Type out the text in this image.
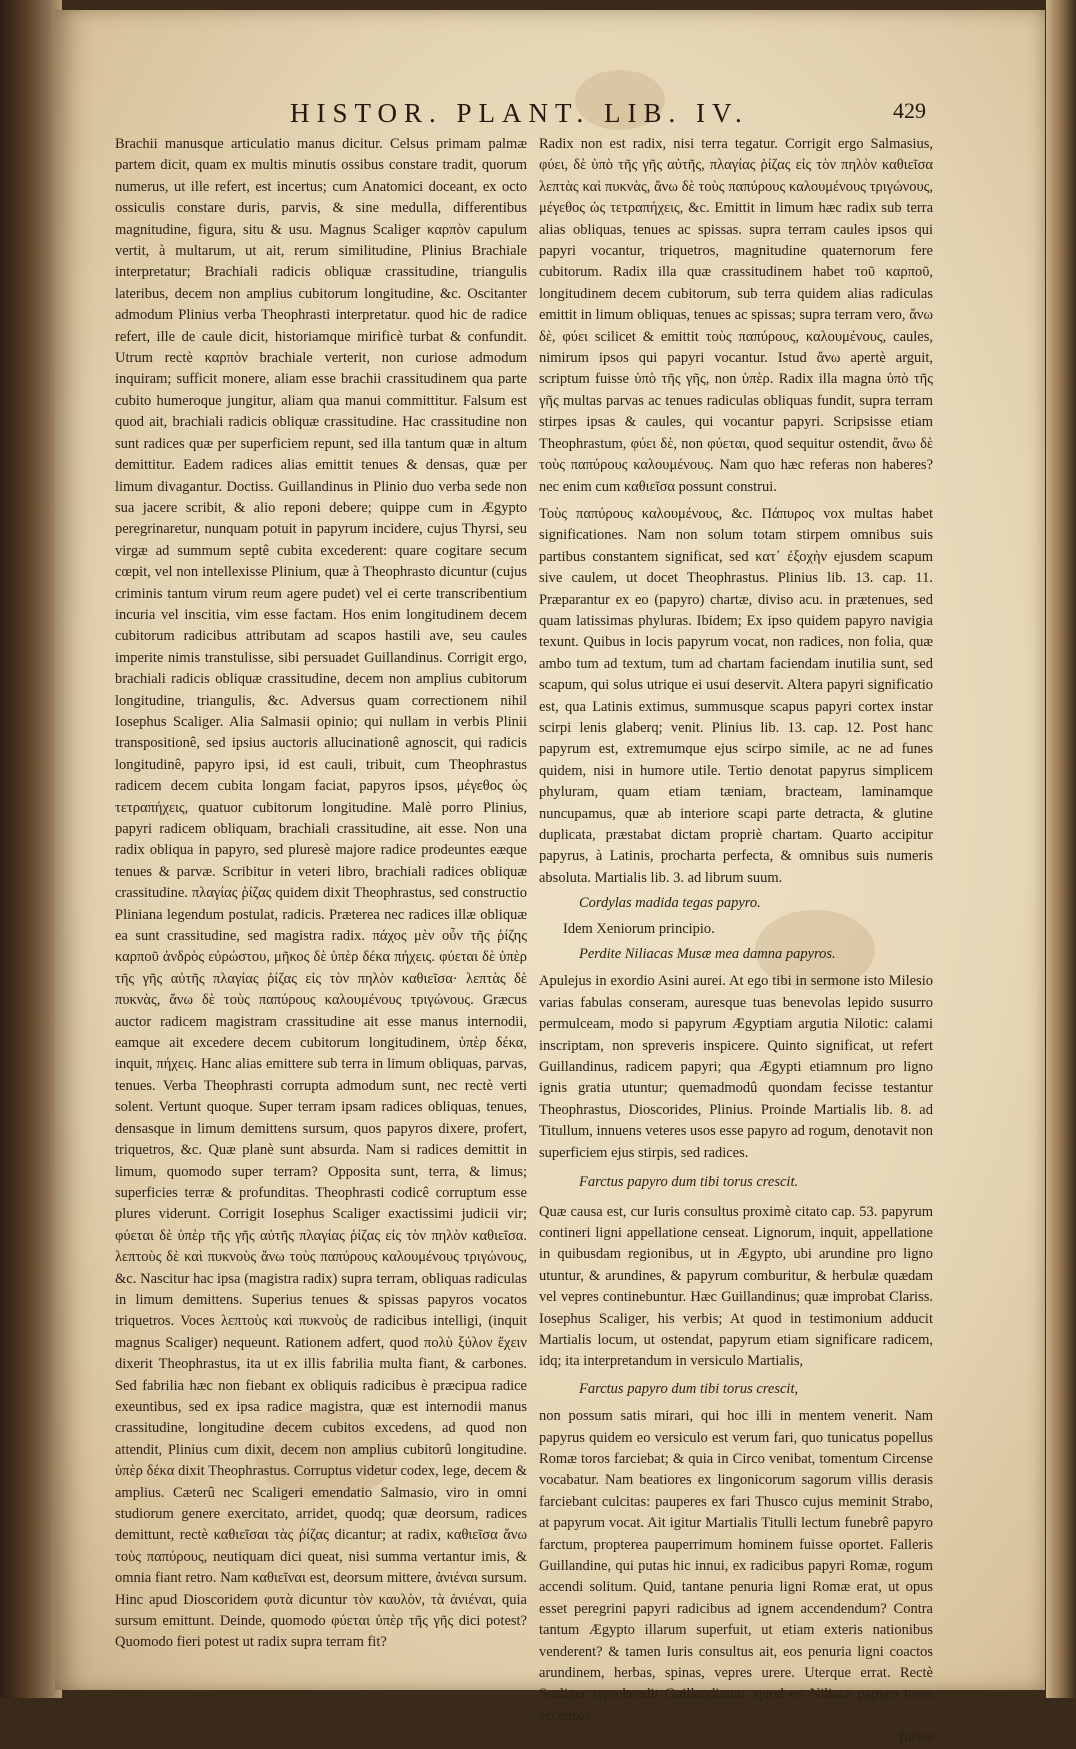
HISTOR. PLANT. LIB. IV.	429

Brachii manusque articulatio manus dicitur. Celsus primam palmæ partem dicit, quam ex multis minutis ossibus constare tradit, quorum numerus, ut ille refert, est incertus; cum Anatomici doceant, ex octo ossiculis constare duris, parvis, & sine medulla, differentibus magnitudine, figura, situ & usu. Magnus Scaliger καρπὸν capulum vertit, à multarum, ut ait, rerum similitudine, Plinius Brachiale interpretatur; Brachiali radicis obliquæ crassitudine, triangulis lateribus, decem non amplius cubitorum longitudine, &c. Oscitanter admodum Plinius verba Theophrasti interpretatur. quod hic de radice refert, ille de caule dicit, historiamque mirificè turbat & confundit. Utrum rectè καρπὸν brachiale verterit, non curiose admodum inquiram; sufficit monere, aliam esse brachii crassitudinem qua parte cubito humeroque jungitur, aliam qua manui committitur. Falsum est quod ait, brachiali radicis obliquæ crassitudine. Hac crassitudine non sunt radices quæ per superficiem repunt, sed illa tantum quæ in altum demittitur. Eadem radices alias emittit tenues & densas, quæ per limum divagantur. Doctiss. Guillandinus in Plinio duo verba sede non sua jacere scribit, & alio reponi debere; quippe cum in Ægypto peregrinaretur, nunquam potuit in papyrum incidere, cujus Thyrsi, seu virgæ ad summum septê cubita excederent: quare cogitare secum cœpit, vel non intellexisse Plinium, quæ à Theophrasto dicuntur (cujus criminis tantum virum reum agere pudet) vel ei certe transcribentium incuria vel inscitia, vim esse factam. Hos enim longitudinem decem cubitorum radicibus attributam ad scapos hastili ave, seu caules imperite nimis transtulisse, sibi persuadet Guillandinus. Corrigit ergo, brachiali radicis obliquæ crassitudine, decem non amplius cubitorum longitudine, triangulis, &c. Adversus quam correctionem nihil Iosephus Scaliger. Alia Salmasii opinio; qui nullam in verbis Plinii transpositionê, sed ipsius auctoris allucinationê agnoscit, qui radicis longitudinê, papyro ipsi, id est cauli, tribuit, cum Theophrastus radicem decem cubita longam faciat, papyros ipsos, μέγεθος ὡς τετραπήχεις, quatuor cubitorum longitudine. Malè porro Plinius, papyri radicem obliquam, brachiali crassitudine, ait esse. Non una radix obliqua in papyro, sed pluresè majore radice prodeuntes eæque tenues & parvæ. Scribitur in veteri libro, brachiali radices obliquæ crassitudine. πλαγίας ῥίζας quidem dixit Theophrastus, sed constructio Pliniana legendum postulat, radicis. Præterea nec radices illæ obliquæ ea sunt crassitudine, sed magistra radix. πάχος μὲν οὖν τῆς ῥίζης καρποῦ ἀνδρὸς εὐρώστου, μῆκος δὲ ὑπὲρ δέκα πήχεις. φύεται δὲ ὑπὲρ τῆς γῆς αὐτῆς πλαγίας ῥίζας εἰς τὸν πηλὸν καθιεῖσα· λεπτὰς δὲ πυκνὰς, ἄνω δὲ τοὺς παπύρους καλουμένους τριγώνους. Græcus auctor radicem magistram crassitudine ait esse manus internodii, eamque ait excedere decem cubitorum longitudinem, ὑπὲρ δέκα, inquit, πήχεις. Hanc alias emittere sub terra in limum obliquas, parvas, tenues. Verba Theophrasti corrupta admodum sunt, nec rectè verti solent. Vertunt quoque. Super terram ipsam radices obliquas, tenues, densasque in limum demittens sursum, quos papyros dixere, profert, triquetros, &c. Quæ planè sunt absurda. Nam si radices demittit in limum, quomodo super terram? Opposita sunt, terra, & limus; superficies terræ & profunditas. Theophrasti codicê corruptum esse plures viderunt. Corrigit Iosephus Scaliger exactissimi judicii vir; φύεται δὲ ὑπὲρ τῆς γῆς αὐτῆς πλαγίας ῥίζας εἰς τὸν πηλὸν καθιεῖσα. λεπτοὺς δὲ καὶ πυκνοὺς ἄνω τοὺς παπύρους καλουμένους τριγώνους, &c. Nascitur hac ipsa (magistra radix) supra terram, obliquas radiculas in limum demittens. Superius tenues & spissas papyros vocatos triquetros. Voces λεπτοὺς καὶ πυκνοὺς de radicibus intelligi, (inquit magnus Scaliger) nequeunt. Rationem adfert, quod πολὺ ξύλον ἔχειν dixerit Theophrastus, ita ut ex illis fabrilia multa fiant, & carbones. Sed fabrilia hæc non fiebant ex obliquis radicibus è præcipua radice exeuntibus, sed ex ipsa radice magistra, quæ est internodii manus crassitudine, longitudine decem cubitos excedens, ad quod non attendit, Plinius cum dixit, decem non amplius cubitorû longitudine. ὑπὲρ δέκα dixit Theophrastus. Corruptus videtur codex, lege, decem & amplius. Cæterû nec Scaligeri emendatio Salmasio, viro in omni studiorum genere exercitato, arridet, quodq; quæ deorsum, radices demittunt, rectè καθιεῖσαι τὰς ῥίζας dicantur; at radix, καθιεῖσα ἄνω τοὺς παπύρους, neutiquam dici queat, nisi summa vertantur imis, & omnia fiant retro. Nam καθιεῖναι est, deorsum mittere, ἀνιέναι sursum. Hinc apud Dioscoridem φυτὰ dicuntur τὸν καυλὸν, τὰ ἀνιέναι, quia sursum emittunt. Deinde, quomodo φύεται ὑπὲρ τῆς γῆς dici potest? Quomodo fieri potest ut radix supra terram fit?

Radix non est radix, nisi terra tegatur. Corrigit ergo Salmasius, φύει, δὲ ὑπὸ τῆς γῆς αὐτῆς, πλαγίας ῥίζας εἰς τὸν πηλὸν καθιεῖσα λεπτὰς καὶ πυκνὰς, ἄνω δὲ τοὺς παπύρους καλουμένους τριγώνους, μέγεθος ὡς τετραπήχεις, &c. Emittit in limum hæc radix sub terra alias obliquas, tenues ac spissas. supra terram caules ipsos qui papyri vocantur, triquetros, magnitudine quaternorum fere cubitorum. Radix illa quæ crassitudinem habet τοῦ καρποῦ, longitudinem decem cubitorum, sub terra quidem alias radiculas emittit in limum obliquas, tenues ac spissas; supra terram vero, ἄνω δὲ, φύει scilicet & emittit τοὺς παπύρους, καλουμένους, caules, nimirum ipsos qui papyri vocantur. Istud ἄνω apertè arguit, scriptum fuisse ὑπὸ τῆς γῆς, non ὑπὲρ. Radix illa magna ὑπὸ τῆς γῆς multas parvas ac tenues radiculas obliquas fundit, supra terram stirpes ipsas & caules, qui vocantur papyri. Scripsisse etiam Theophrastum, φύει δὲ, non φύεται, quod sequitur ostendit, ἄνω δὲ τοὺς παπύρους καλουμένους. Nam quo hæc referas non haberes? nec enim cum καθιεῖσα possunt construi.

Τοὺς παπύρους καλουμένους, &c. Πάπυρος vox multas habet significationes. Nam non solum totam stirpem omnibus suis partibus constantem significat, sed κατ᾽ ἐξοχὴν ejusdem scapum sive caulem, ut docet Theophrastus. Plinius lib. 13. cap. 11. Præparantur ex eo (papyro) chartæ, diviso acu. in prætenues, sed quam latissimas phyluras. Ibidem; Ex ipso quidem papyro navigia texunt. Quibus in locis papyrum vocat, non radices, non folia, quæ ambo tum ad textum, tum ad chartam faciendam inutilia sunt, sed scapum, qui solus utrique ei usui deservit. Altera papyri significatio est, qua Latinis extimus, summusque scapus papyri cortex instar scirpi lenis glaberq; venit. Plinius lib. 13. cap. 12. Post hanc papyrum est, extremumque ejus scirpo simile, ac ne ad funes quidem, nisi in humore utile. Tertio denotat papyrus simplicem phyluram, quam etiam tæniam, bracteam, laminamque nuncupamus, quæ ab interiore scapi parte detracta, & glutine duplicata, præstabat dictam propriè chartam. Quarto accipitur papyrus, à Latinis, procharta perfecta, & omnibus suis numeris absoluta. Martialis lib. 3. ad librum suum.

Cordylas madida tegas papyro.

Idem Xeniorum principio.

Perdite Niliacas Musæ mea damna papyros.

Apulejus in exordio Asini aurei. At ego tibi in sermone isto Milesio varias fabulas conseram, auresque tuas benevolas lepido susurro permulceam, modo si papyrum Ægyptiam argutia Nilotic: calami inscriptam, non spreveris inspicere. Quinto significat, ut refert Guillandinus, radicem papyri; qua Ægypti etiamnum pro ligno ignis gratia utuntur; quemadmodû quondam fecisse testantur Theophrastus, Dioscorides, Plinius. Proinde Martialis lib. 8. ad Titullum, innuens veteres usos esse papyro ad rogum, denotavit non superficiem ejus stirpis, sed radices.

Farctus papyro dum tibi torus crescit.

Quæ causa est, cur Iuris consultus proximè citato cap. 53. papyrum contineri ligni appellatione censeat. Lignorum, inquit, appellatione in quibusdam regionibus, ut in Ægypto, ubi arundine pro ligno utuntur, & arundines, & papyrum comburitur, & herbulæ quædam vel vepres continebuntur. Hæc Guillandinus; quæ improbat Clariss. Iosephus Scaliger, his verbis; At quod in testimonium adducit Martialis locum, ut ostendat, papyrum etiam significare radicem, idq; ita interpretandum in versiculo Martialis,

Farctus papyro dum tibi torus crescit,

non possum satis mirari, qui hoc illi in mentem venerit. Nam papyrus quidem eo versiculo est verum fari, quo tunicatus popellus Romæ toros farciebat; & quia in Circo venibat, tomentum Circense vocabatur. Nam beatiores ex lingonicorum sagorum villis derasis farciebant culcitas: pauperes ex fari Thusco cujus meminit Strabo, at papyrum vocat. Ait igitur Martialis Titulli lectum funebrê papyro farctum, propterea pauperrimum hominem fuisse oportet. Falleris Guillandine, qui putas hic innui, ex radicibus papyri Romæ, rogum accendi solitum. Quid, tantane penuria ligni Romæ erat, ut opus esset peregrini papyri radicibus ad ignem accendendum? Contra tantum Ægypto illarum superfuit, ut etiam exteris nationibus venderent? & tamen Iuris consultus ait, eos penuria ligni coactos arundinem, herbas, spinas, vepres urere. Uterque errat. Rectè Scaliger reprehendit Guillandinum, quod ex Niliaca papyro toros accensos

fuisse
